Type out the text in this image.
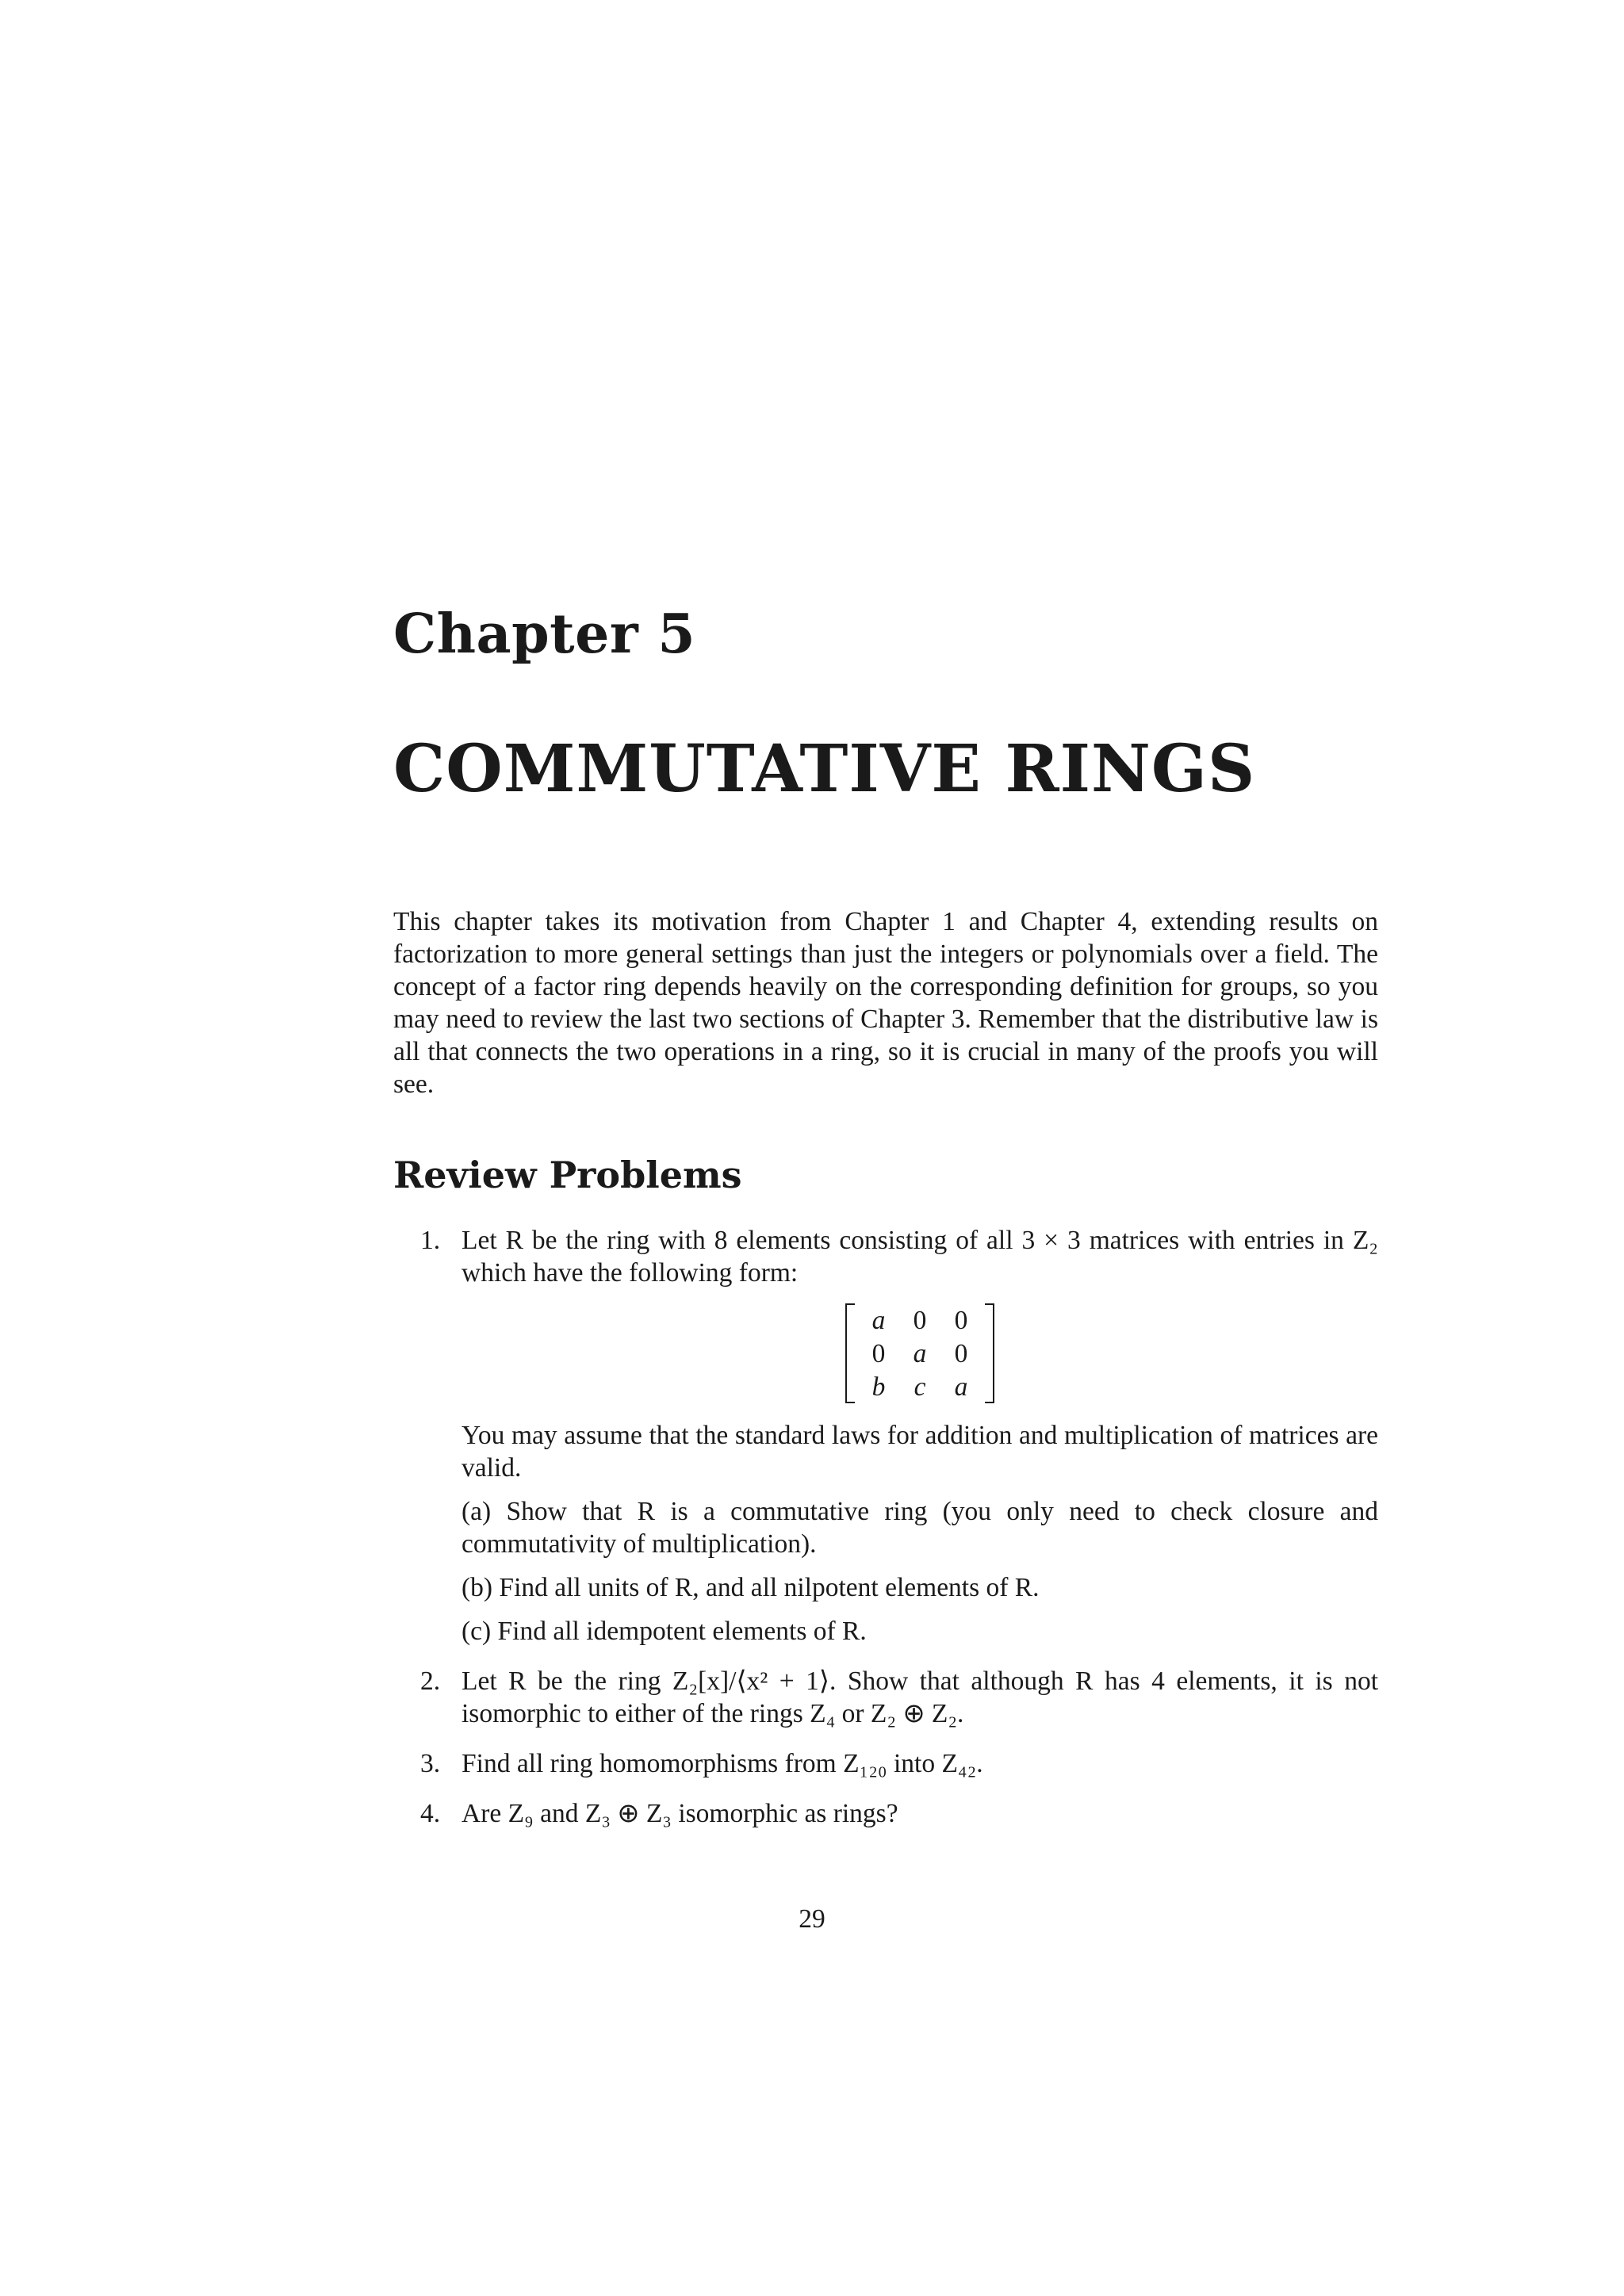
Chapter 5
COMMUTATIVE RINGS

This chapter takes its motivation from Chapter 1 and Chapter 4, extending results on factorization to more general settings than just the integers or polynomials over a field. The concept of a factor ring depends heavily on the corresponding definition for groups, so you may need to review the last two sections of Chapter 3. Remember that the distributive law is all that connects the two operations in a ring, so it is crucial in many of the proofs you will see.

Review Problems
1. Let R be the ring with 8 elements consisting of all 3 × 3 matrices with entries in Z₂ which have the following form:

a	0	0
0	a	0
b	c	a

You may assume that the standard laws for addition and multiplication of matrices are valid.

(a) Show that R is a commutative ring (you only need to check closure and commutativity of multiplication).

(b) Find all units of R, and all nilpotent elements of R.

(c) Find all idempotent elements of R.

2. Let R be the ring Z₂[x]/⟨x² + 1⟩. Show that although R has 4 elements, it is not isomorphic to either of the rings Z₄ or Z₂ ⊕ Z₂.

3. Find all ring homomorphisms from Z₁₂₀ into Z₄₂.

4. Are Z₉ and Z₃ ⊕ Z₃ isomorphic as rings?

29
